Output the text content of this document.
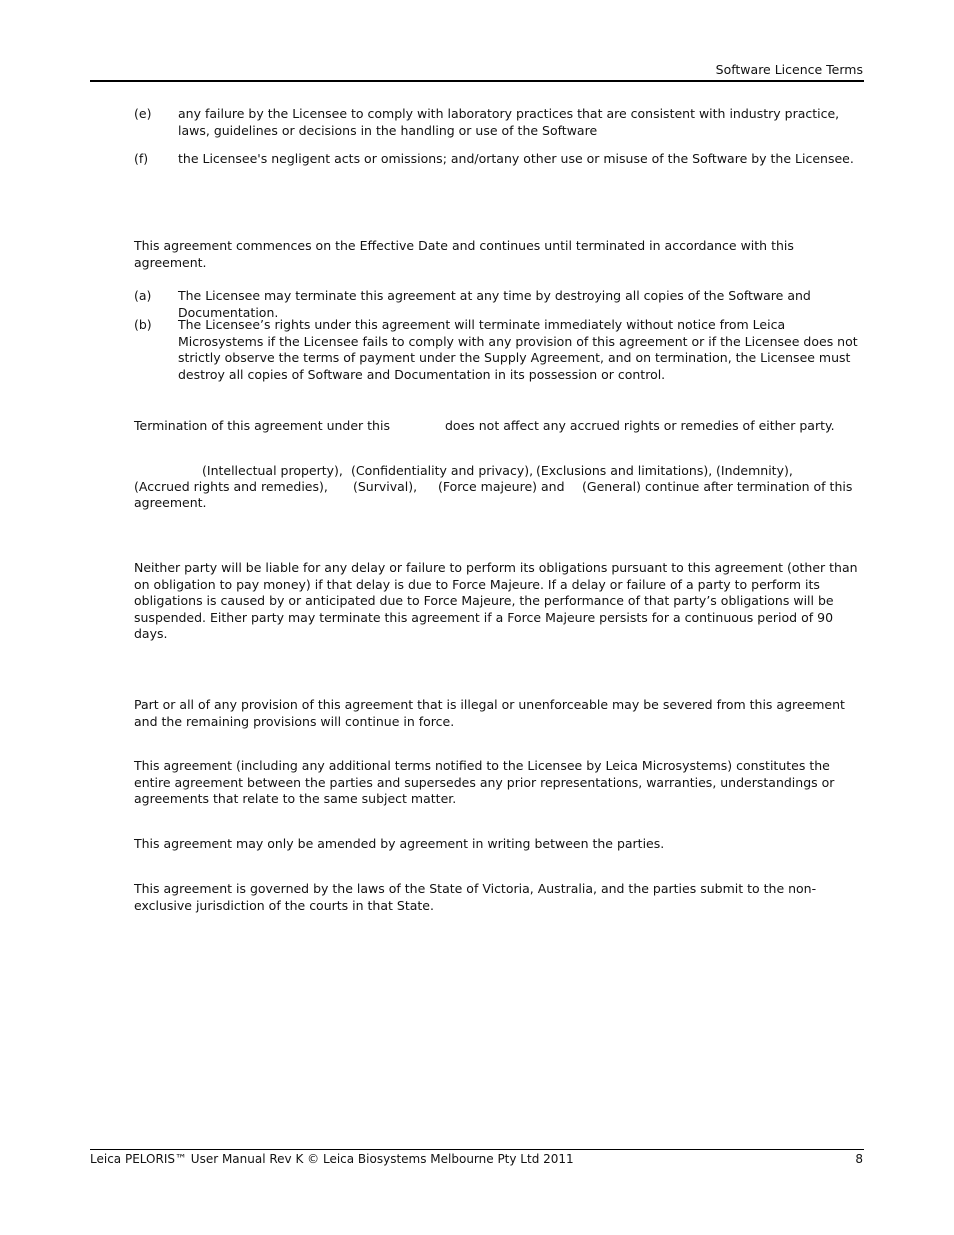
Software Licence Terms
(e) any failure by the Licensee to comply with laboratory practices that are consistent with industry practice, laws, guidelines or decisions in the handling or use of the Software
(f) the Licensee's negligent acts or omissions; and/ortany other use or misuse of the Software by the Licensee.
This agreement commences on the Effective Date and continues until terminated in accordance with this agreement.
(a) The Licensee may terminate this agreement at any time by destroying all copies of the Software and Documentation.
(b) The Licensee’s rights under this agreement will terminate immediately without notice from Leica Microsystems if the Licensee fails to comply with any provision of this agreement or if the Licensee does not strictly observe the terms of payment under the Supply Agreement, and on termination, the Licensee must destroy all copies of Software and Documentation in its possession or control.
Termination of this agreement under this	does not affect any accrued rights or remedies of either party.
(Intellectual property), (Confidentiality and privacy), (Exclusions and limitations), (Indemnity),
(Accrued rights and remedies), (Survival), (Force majeure) and (General) continue after termination of this
agreement.
Neither party will be liable for any delay or failure to perform its obligations pursuant to this agreement (other than on obligation to pay money) if that delay is due to Force Majeure. If a delay or failure of a party to perform its obligations is caused by or anticipated due to Force Majeure, the performance of that party’s obligations will be suspended. Either party may terminate this agreement if a Force Majeure persists for a continuous period of 90 days.
Part or all of any provision of this agreement that is illegal or unenforceable may be severed from this agreement and the remaining provisions will continue in force.
This agreement (including any additional terms notified to the Licensee by Leica Microsystems) constitutes the entire agreement between the parties and supersedes any prior representations, warranties, understandings or agreements that relate to the same subject matter.
This agreement may only be amended by agreement in writing between the parties.
This agreement is governed by the laws of the State of Victoria, Australia, and the parties submit to the non-exclusive jurisdiction of the courts in that State.
Leica PELORIS™ User Manual Rev K © Leica Biosystems Melbourne Pty Ltd 2011	8
